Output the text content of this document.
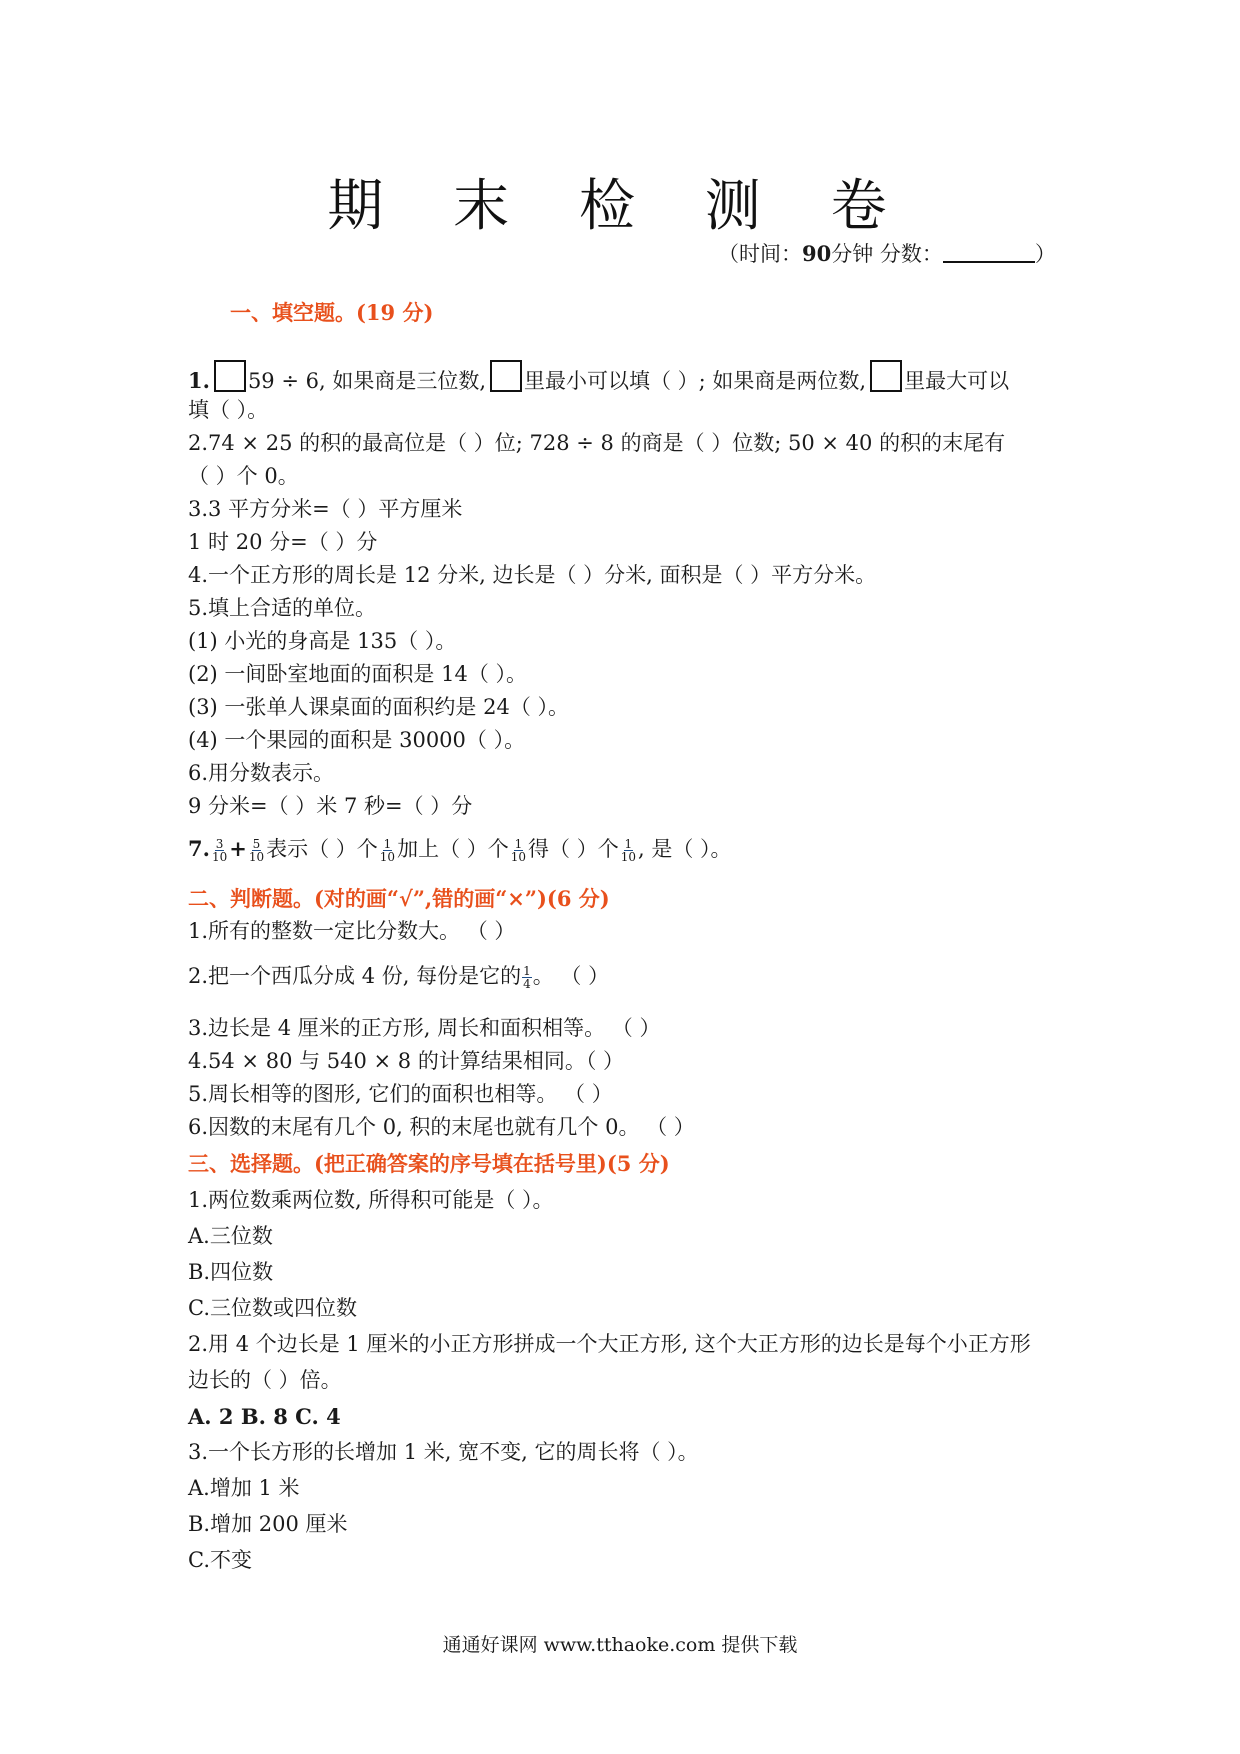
期 末 检 测 卷
（时间：90分钟 分数：	）
一、填空题。(19 分)
1. 59 ÷ 6, 如果商是三位数, 里最小可以填（ ）; 如果商是两位数, 里最大可以
填（ ）。
2.74 × 25 的积的最高位是（ ）位; 728 ÷ 8 的商是（ ）位数; 50 × 40 的积的末尾有
（ ）个 0。
3.3 平方分米=（ ）平方厘米
1 时 20 分=（ ）分
4.一个正方形的周长是 12 分米, 边长是（ ）分米, 面积是（ ）平方分米。
5.填上合适的单位。
(1) 小光的身高是 135（ ）。
(2) 一间卧室地面的面积是 14（ ）。
(3) 一张单人课桌面的面积约是 24（ ）。
(4) 一个果园的面积是 30000（ ）。
6.用分数表示。
9 分米=（ ）米 7 秒=（ ）分
7. $\frac{3}{10} + \frac{5}{10}$ 表示（ ）个 $\frac{1}{10}$ 加上（ ）个 $\frac{1}{10}$ 得（ ）个 $\frac{1}{10}$ , 是（ ）。
二、判断题。(对的画“√”,错的画“×”)(6 分)
1.所有的整数一定比分数大。 （ ）
2.把一个西瓜分成 4 份, 每份是它的 $\frac{1}{4}$ 。 （ ）
3.边长是 4 厘米的正方形, 周长和面积相等。 （ ）
4.54 × 80 与 540 × 8 的计算结果相同。（ ）
5.周长相等的图形, 它们的面积也相等。 （ ）
6.因数的末尾有几个 0, 积的末尾也就有几个 0。 （ ）
三、选择题。(把正确答案的序号填在括号里)(5 分)
1.两位数乘两位数, 所得积可能是（ ）。
A.三位数
B.四位数
C.三位数或四位数
2.用 4 个边长是 1 厘米的小正方形拼成一个大正方形, 这个大正方形的边长是每个小正方形
边长的（ ）倍。
A. 2 B. 8 C. 4
3.一个长方形的长增加 1 米, 宽不变, 它的周长将（ ）。
A.增加 1 米
B.增加 200 厘米
C.不变
通通好课网 www.tthaoke.com 提供下载
